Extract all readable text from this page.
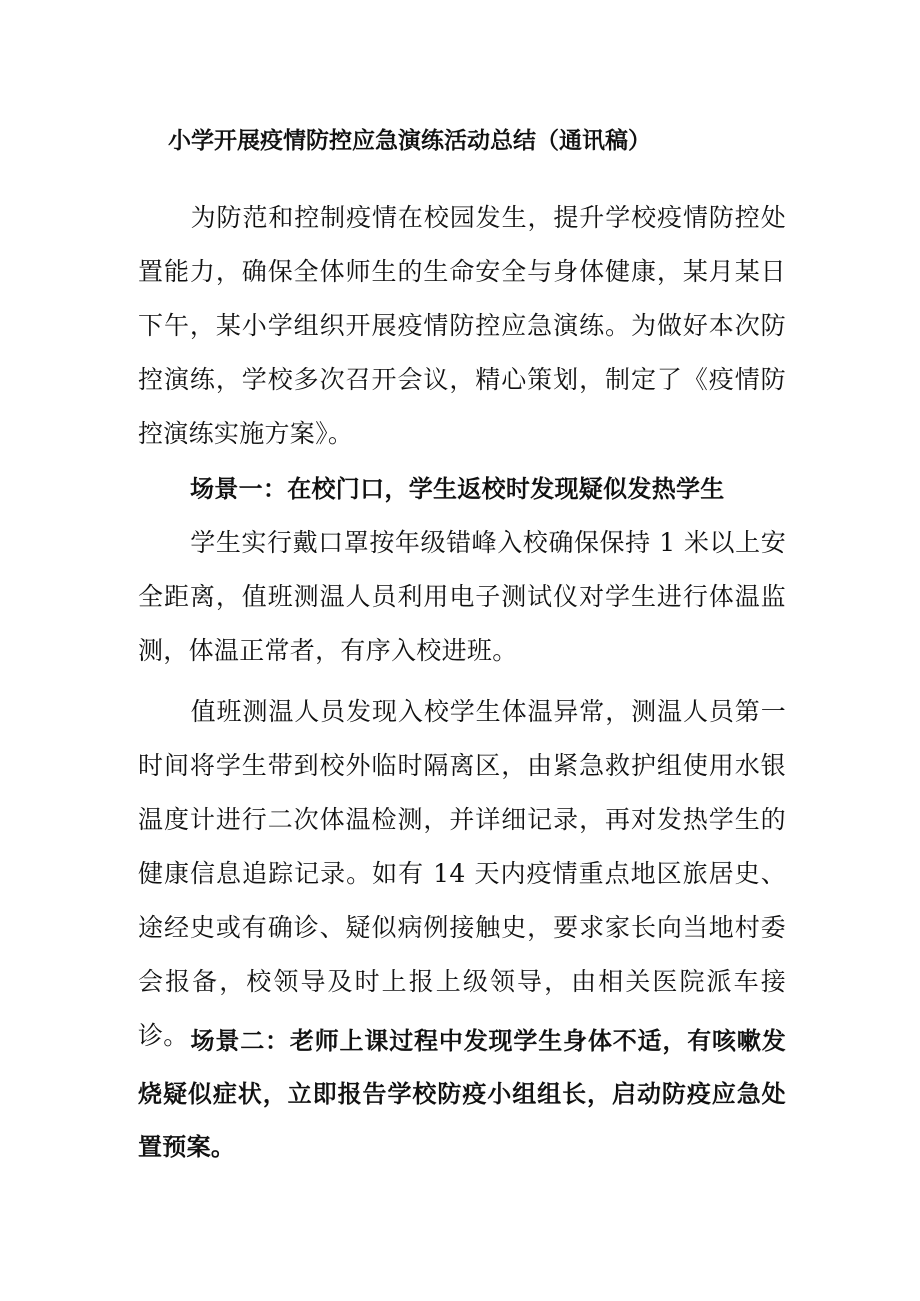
小学开展疫情防控应急演练活动总结（通讯稿）
为防范和控制疫情在校园发生，提升学校疫情防控处置能力，确保全体师生的生命安全与身体健康，某月某日下午，某小学组织开展疫情防控应急演练。为做好本次防控演练，学校多次召开会议，精心策划，制定了《疫情防控演练实施方案》。
场景一：在校门口，学生返校时发现疑似发热学生
学生实行戴口罩按年级错峰入校确保保持 1 米以上安全距离，值班测温人员利用电子测试仪对学生进行体温监测，体温正常者，有序入校进班。
值班测温人员发现入校学生体温异常，测温人员第一时间将学生带到校外临时隔离区，由紧急救护组使用水银温度计进行二次体温检测，并详细记录，再对发热学生的健康信息追踪记录。如有 14 天内疫情重点地区旅居史、途经史或有确诊、疑似病例接触史，要求家长向当地村委会报备，校领导及时上报上级领导，由相关医院派车接诊。 场景二：老师上课过程中发现学生身体不适，有咳嗽发烧疑似症状，立即报告学校防疫小组组长，启动防疫应急处置预案。
